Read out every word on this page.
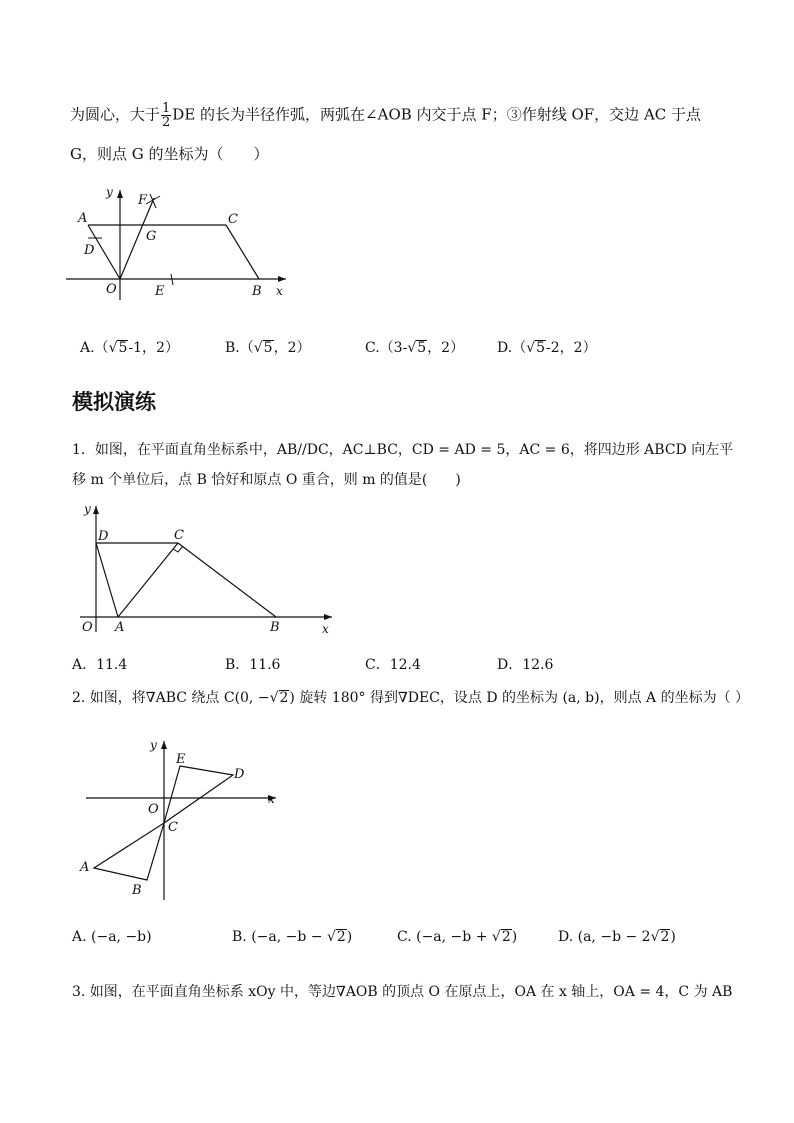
为圆心，大于 $\frac{1}{2}$ DE 的长为半径作弧，两弧在∠AOB 内交于点 F；③作射线 OF，交边 AC 于点
G，则点 G 的坐标为（　　）
y
A
F
C
D
G
O	E	B x
A.（√5-1，2）	B.（√5，2）	C.（3-√5，2） D.（√5-2，2）
模拟演练
1．如图，在平面直角坐标系中，AB//DC，AC⊥BC，CD = AD = 5，AC = 6，将四边形 ABCD 向左平
移 m 个单位后，点 B 恰好和原点 O 重合，则 m 的值是(　　)
y
D	C
O A	B	x
A．11.4	B．11.6	C．12.4	D．12.6
2. 如图，将∇ABC 绕点 C(0, −√2) 旋转 180° 得到∇DEC，设点 D 的坐标为 (a, b)，则点 A 的坐标为（ ）
y
E
D
O
C
A
B
x
A. (−a, −b)	B. (−a, −b − √2)	C. (−a, −b + √2)	D. (a, −b − 2√2)
3. 如图，在平面直角坐标系 xOy 中，等边∇AOB 的顶点 O 在原点上，OA 在 x 轴上，OA = 4，C 为 AB
